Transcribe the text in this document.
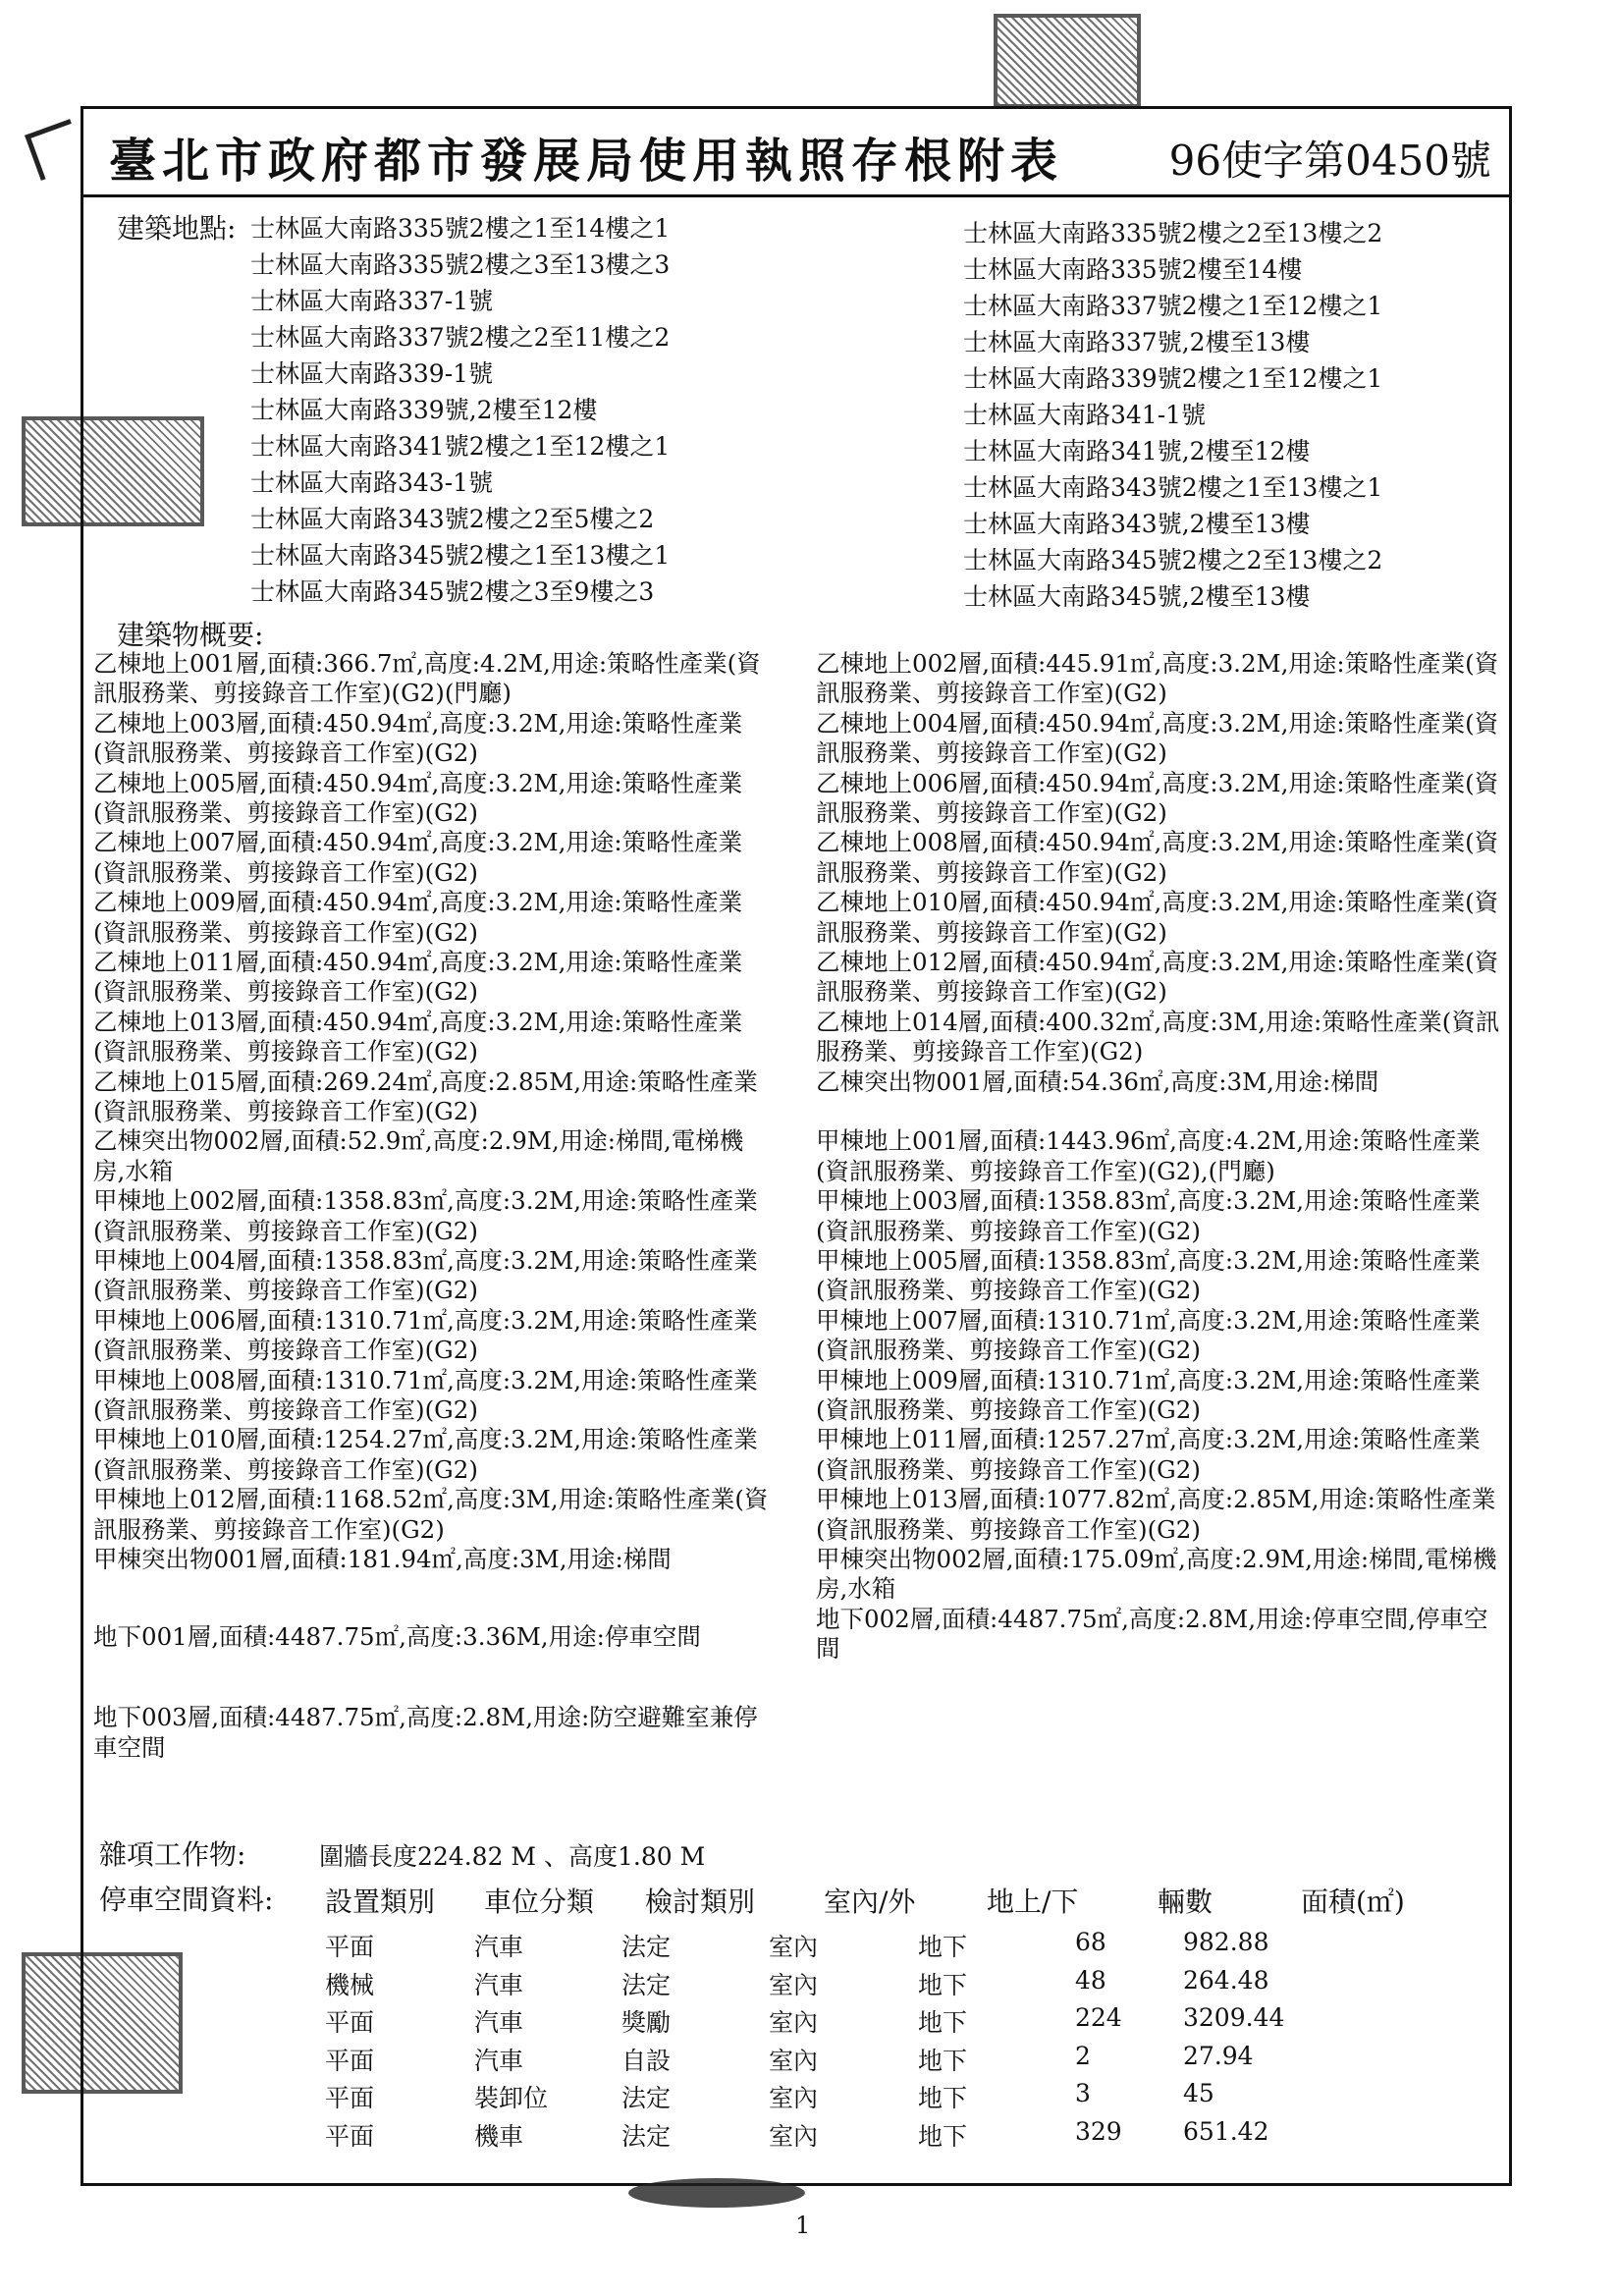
臺北市政府都市發展局使用執照存根附表	96使字第0450號
建築地點: 士林區大南路335號2樓之1至14樓之1
士林區大南路335號2樓之3至13樓之3
士林區大南路337-1號
士林區大南路337號2樓之2至11樓之2
士林區大南路339-1號
士林區大南路339號,2樓至12樓
士林區大南路341號2樓之1至12樓之1
士林區大南路343-1號
士林區大南路343號2樓之2至5樓之2
士林區大南路345號2樓之1至13樓之1
士林區大南路345號2樓之3至9樓之3
士林區大南路335號2樓之2至13樓之2
士林區大南路335號2樓至14樓
士林區大南路337號2樓之1至12樓之1
士林區大南路337號,2樓至13樓
士林區大南路339號2樓之1至12樓之1
士林區大南路341-1號
士林區大南路341號,2樓至12樓
士林區大南路343號2樓之1至13樓之1
士林區大南路343號,2樓至13樓
士林區大南路345號2樓之2至13樓之2
士林區大南路345號,2樓至13樓
建築物概要:
乙棟地上001層,面積:366.7㎡,高度:4.2M,用途:策略性產業(資訊服務業、剪接錄音工作室)(G2)(門廳)
乙棟地上003層,面積:450.94㎡,高度:3.2M,用途:策略性產業(資訊服務業、剪接錄音工作室)(G2)
乙棟地上005層,面積:450.94㎡,高度:3.2M,用途:策略性產業(資訊服務業、剪接錄音工作室)(G2)
乙棟地上007層,面積:450.94㎡,高度:3.2M,用途:策略性產業(資訊服務業、剪接錄音工作室)(G2)
乙棟地上009層,面積:450.94㎡,高度:3.2M,用途:策略性產業(資訊服務業、剪接錄音工作室)(G2)
乙棟地上011層,面積:450.94㎡,高度:3.2M,用途:策略性產業(資訊服務業、剪接錄音工作室)(G2)
乙棟地上013層,面積:450.94㎡,高度:3.2M,用途:策略性產業(資訊服務業、剪接錄音工作室)(G2)
乙棟地上015層,面積:269.24㎡,高度:2.85M,用途:策略性產業(資訊服務業、剪接錄音工作室)(G2)
乙棟突出物002層,面積:52.9㎡,高度:2.9M,用途:梯間,電梯機房,水箱
甲棟地上002層,面積:1358.83㎡,高度:3.2M,用途:策略性產業(資訊服務業、剪接錄音工作室)(G2)
甲棟地上004層,面積:1358.83㎡,高度:3.2M,用途:策略性產業(資訊服務業、剪接錄音工作室)(G2)
甲棟地上006層,面積:1310.71㎡,高度:3.2M,用途:策略性產業(資訊服務業、剪接錄音工作室)(G2)
甲棟地上008層,面積:1310.71㎡,高度:3.2M,用途:策略性產業(資訊服務業、剪接錄音工作室)(G2)
甲棟地上010層,面積:1254.27㎡,高度:3.2M,用途:策略性產業(資訊服務業、剪接錄音工作室)(G2)
甲棟地上012層,面積:1168.52㎡,高度:3M,用途:策略性產業(資訊服務業、剪接錄音工作室)(G2)
甲棟突出物001層,面積:181.94㎡,高度:3M,用途:梯間
地下001層,面積:4487.75㎡,高度:3.36M,用途:停車空間
地下003層,面積:4487.75㎡,高度:2.8M,用途:防空避難室兼停車空間
乙棟地上002層,面積:445.91㎡,高度:3.2M,用途:策略性產業(資訊服務業、剪接錄音工作室)(G2)
乙棟地上004層,面積:450.94㎡,高度:3.2M,用途:策略性產業(資訊服務業、剪接錄音工作室)(G2)
乙棟地上006層,面積:450.94㎡,高度:3.2M,用途:策略性產業(資訊服務業、剪接錄音工作室)(G2)
乙棟地上008層,面積:450.94㎡,高度:3.2M,用途:策略性產業(資訊服務業、剪接錄音工作室)(G2)
乙棟地上010層,面積:450.94㎡,高度:3.2M,用途:策略性產業(資訊服務業、剪接錄音工作室)(G2)
乙棟地上012層,面積:450.94㎡,高度:3.2M,用途:策略性產業(資訊服務業、剪接錄音工作室)(G2)
乙棟地上014層,面積:400.32㎡,高度:3M,用途:策略性產業(資訊服務業、剪接錄音工作室)(G2)
乙棟突出物001層,面積:54.36㎡,高度:3M,用途:梯間
甲棟地上001層,面積:1443.96㎡,高度:4.2M,用途:策略性產業(資訊服務業、剪接錄音工作室)(G2),(門廳)
甲棟地上003層,面積:1358.83㎡,高度:3.2M,用途:策略性產業(資訊服務業、剪接錄音工作室)(G2)
甲棟地上005層,面積:1358.83㎡,高度:3.2M,用途:策略性產業(資訊服務業、剪接錄音工作室)(G2)
甲棟地上007層,面積:1310.71㎡,高度:3.2M,用途:策略性產業(資訊服務業、剪接錄音工作室)(G2)
甲棟地上009層,面積:1310.71㎡,高度:3.2M,用途:策略性產業(資訊服務業、剪接錄音工作室)(G2)
甲棟地上011層,面積:1257.27㎡,高度:3.2M,用途:策略性產業(資訊服務業、剪接錄音工作室)(G2)
甲棟地上013層,面積:1077.82㎡,高度:2.85M,用途:策略性產業(資訊服務業、剪接錄音工作室)(G2)
甲棟突出物002層,面積:175.09㎡,高度:2.9M,用途:梯間,電梯機房,水箱
地下002層,面積:4487.75㎡,高度:2.8M,用途:停車空間,停車空間
雜項工作物:	圍牆長度224.82 M 、高度1.80 M
停車空間資料: 設置類別 車位分類 檢討類別 室內/外	地上/下	輛數	面積(㎡)
平面	汽車	法定	室內	地下	68	982.88
機械	汽車	法定	室內	地下	48	264.48
平面	汽車	獎勵	室內	地下	224 3209.44
平面	汽車	自設	室內	地下	2	27.94
平面	裝卸位	法定	室內	地下	3	45
平面	機車	法定	室內	地下	329 651.42
1
